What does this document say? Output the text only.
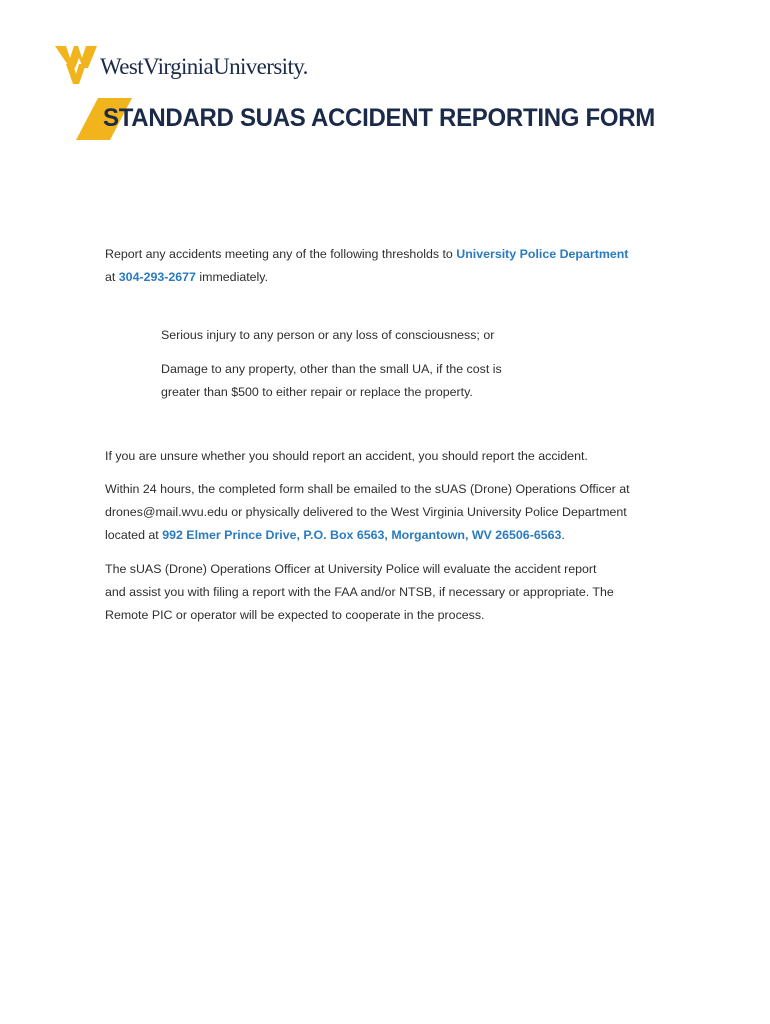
WestVirginiaUniversity.
STANDARD SUAS ACCIDENT REPORTING FORM
Report any accidents meeting any of the following thresholds to University Police Department
at 304-293-2677 immediately.
Serious injury to any person or any loss of consciousness; or
Damage to any property, other than the small UA, if the cost is
greater than $500 to either repair or replace the property.
If you are unsure whether you should report an accident, you should report the accident.
Within 24 hours, the completed form shall be emailed to the sUAS (Drone) Operations Officer at
drones@mail.wvu.edu or physically delivered to the West Virginia University Police Department
located at 992 Elmer Prince Drive, P.O. Box 6563, Morgantown, WV 26506-6563.
The sUAS (Drone) Operations Officer at University Police will evaluate the accident report
and assist you with filing a report with the FAA and/or NTSB, if necessary or appropriate. The
Remote PIC or operator will be expected to cooperate in the process.
